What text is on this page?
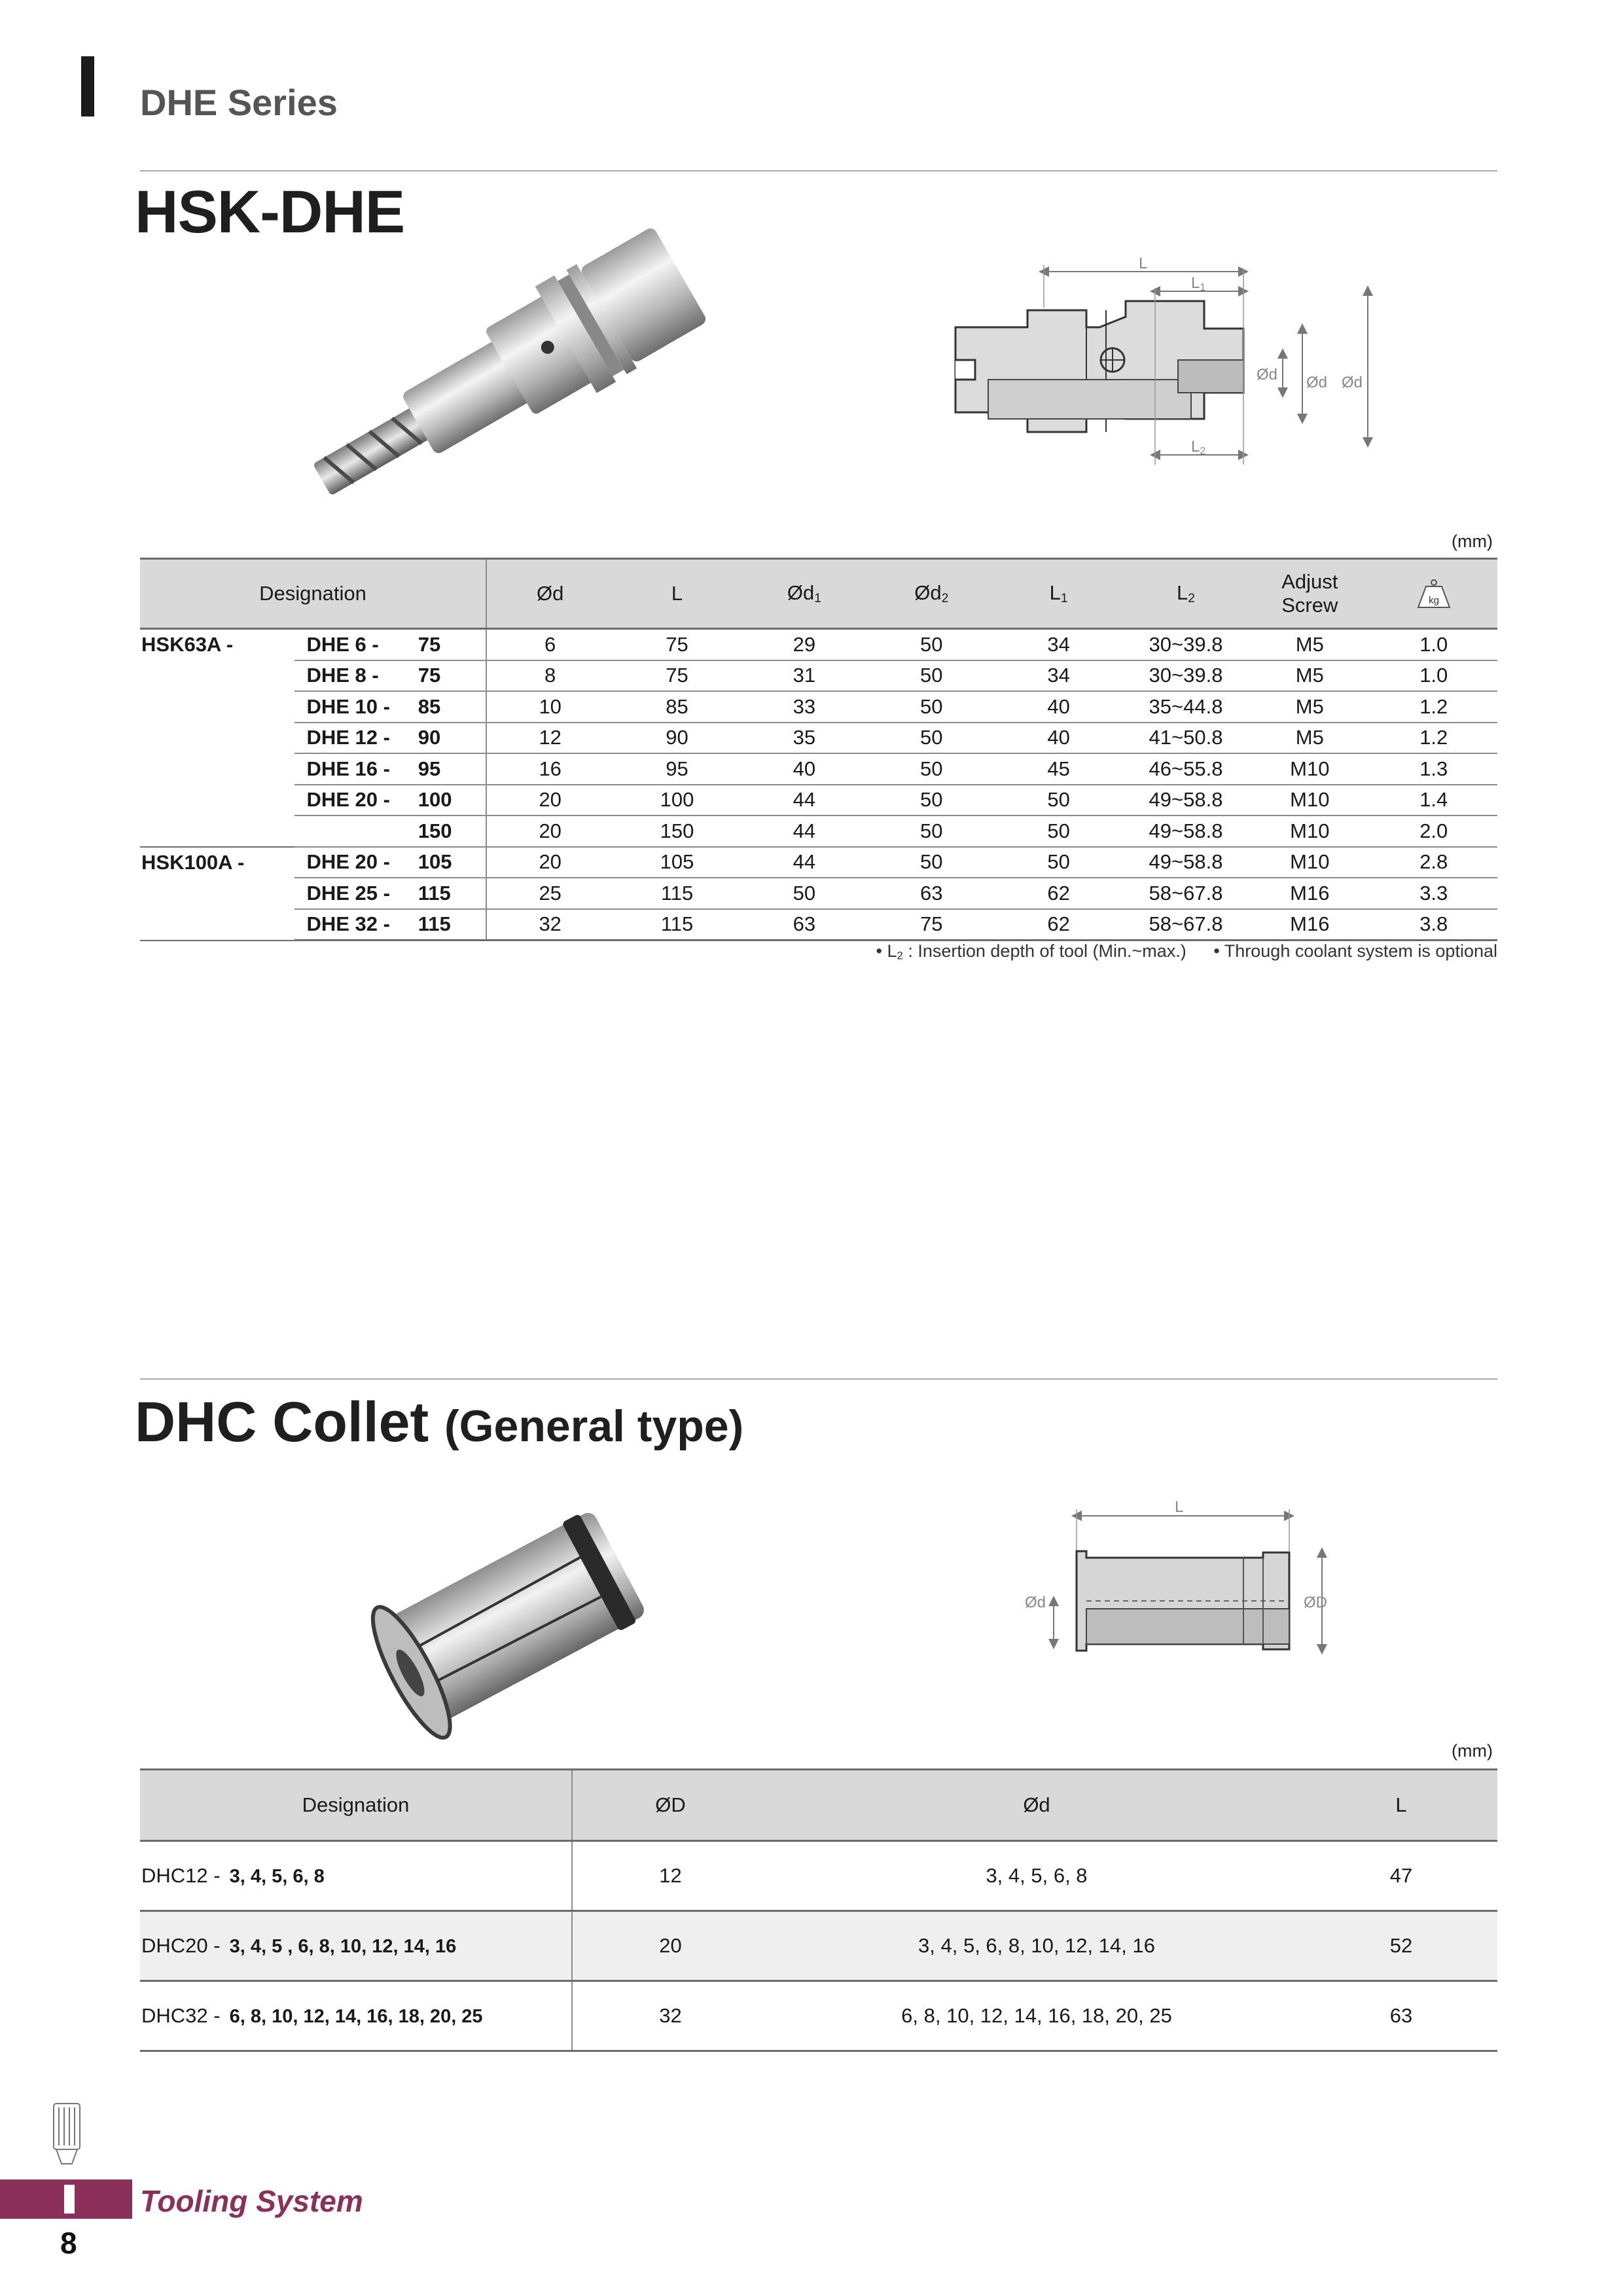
DHE Series
HSK-DHE
L
L1
L2
Ød Ød Ød
(mm)
Designation			Ød	L	$Ød_1$	$Ød_2$	$L_1$	$L_2$	Adjust
Screw	kg

HSK63A -	DHE 6 -	75	6	75	29	50	34	30~39.8	M5	1.0
	DHE 8 -	75	8	75	31	50	34	30~39.8	M5	1.0
	DHE 10 -	85	10	85	33	50	40	35~44.8	M5	1.2
	DHE 12 -	90	12	90	35	50	40	41~50.8	M5	1.2
	DHE 16 -	95	16	95	40	50	45	46~55.8	M10	1.3
	DHE 20 -	100	20	100	44	50	50	49~58.8	M10	1.4
		150	20	150	44	50	50	49~58.8	M10	2.0
HSK100A -	DHE 20 -	105	20	105	44	50	50	49~58.8	M10	2.8
	DHE 25 -	115	25	115	50	63	62	58~67.8	M16	3.3
	DHE 32 -	115	32	115	63	75	62	58~67.8	M16	3.8
• $L_2$ : Insertion depth of tool (Min.~max.) • Through coolant system is optional
DHC Collet (General type)
L
Ød	ØD
(mm)
Designation	ØD	Ød	L
DHC12 - 3, 4, 5, 6, 8	12	3, 4, 5, 6, 8	47
DHC20 - 3, 4, 5 , 6, 8, 10, 12, 14, 16	20	3, 4, 5, 6, 8, 10, 12, 14, 16	52
DHC32 - 6, 8, 10, 12, 14, 16, 18, 20, 25	32	6, 8, 10, 12, 14, 16, 18, 20, 25	63
Tooling System
8
